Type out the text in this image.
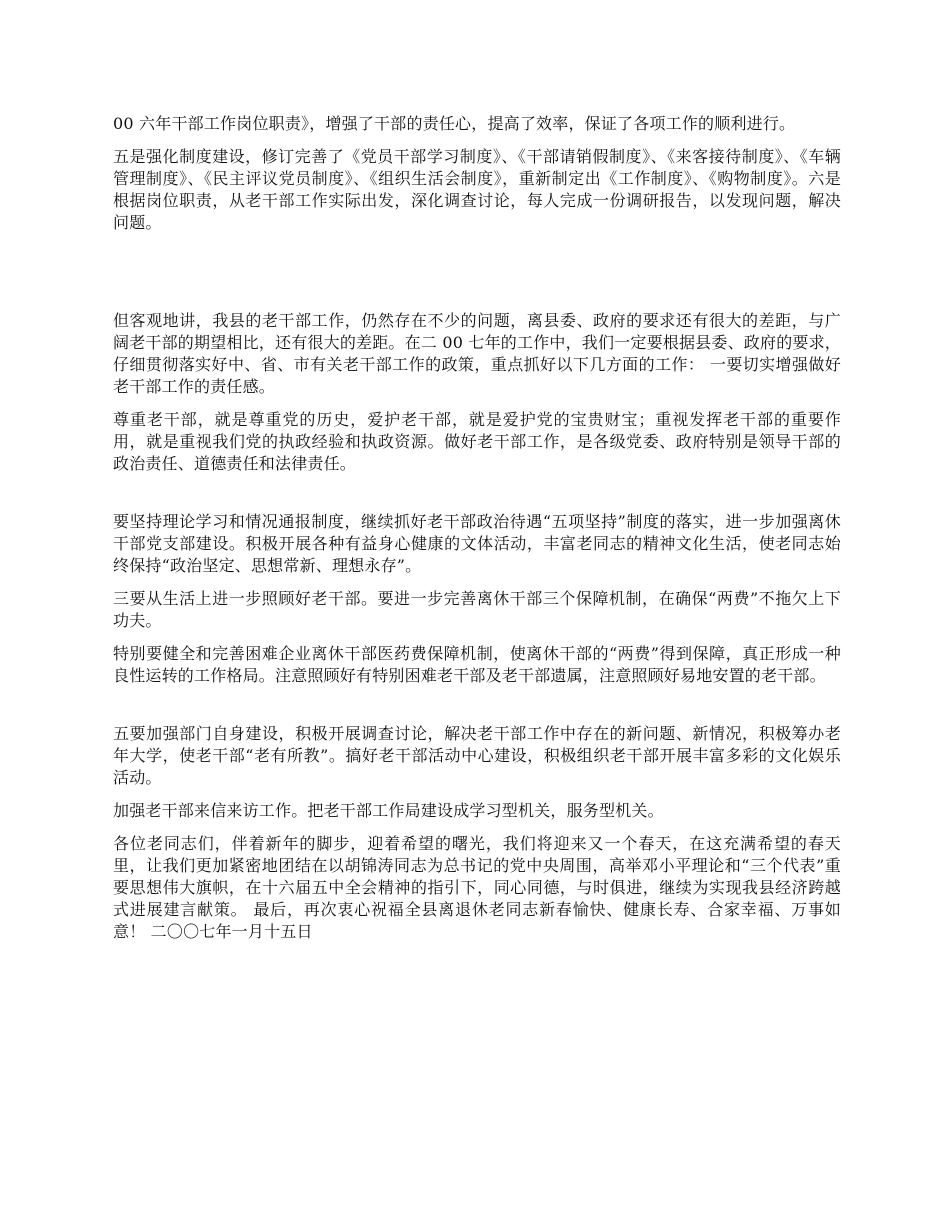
00 六年干部工作岗位职责》，增强了干部的责任心，提高了效率，保证了各项工作的顺利进行。

五是强化制度建设，修订完善了《党员干部学习制度》、《干部请销假制度》、《来客接待制度》、《车辆管理制度》、《民主评议党员制度》、《组织生活会制度》，重新制定出《工作制度》、《购物制度》。六是根据岗位职责，从老干部工作实际出发，深化调查讨论，每人完成一份调研报告，以发现问题，解决问题。

但客观地讲，我县的老干部工作，仍然存在不少的问题，离县委、政府的要求还有很大的差距，与广阔老干部的期望相比，还有很大的差距。在二 00 七年的工作中，我们一定要根据县委、政府的要求，仔细贯彻落实好中、省、市有关老干部工作的政策，重点抓好以下几方面的工作： 一要切实增强做好老干部工作的责任感。

尊重老干部，就是尊重党的历史，爱护老干部，就是爱护党的宝贵财宝；重视发挥老干部的重要作用，就是重视我们党的执政经验和执政资源。做好老干部工作，是各级党委、政府特别是领导干部的政治责任、道德责任和法律责任。

要坚持理论学习和情况通报制度，继续抓好老干部政治待遇“五项坚持”制度的落实，进一步加强离休干部党支部建设。积极开展各种有益身心健康的文体活动，丰富老同志的精神文化生活，使老同志始终保持“政治坚定、思想常新、理想永存”。

三要从生活上进一步照顾好老干部。要进一步完善离休干部三个保障机制，在确保“两费”不拖欠上下功夫。

特别要健全和完善困难企业离休干部医药费保障机制，使离休干部的“两费”得到保障，真正形成一种良性运转的工作格局。注意照顾好有特别困难老干部及老干部遗属，注意照顾好易地安置的老干部。

五要加强部门自身建设，积极开展调查讨论，解决老干部工作中存在的新问题、新情况，积极筹办老年大学，使老干部“老有所教”。搞好老干部活动中心建设，积极组织老干部开展丰富多彩的文化娱乐活动。

加强老干部来信来访工作。把老干部工作局建设成学习型机关，服务型机关。

各位老同志们，伴着新年的脚步，迎着希望的曙光，我们将迎来又一个春天，在这充满希望的春天里，让我们更加紧密地团结在以胡锦涛同志为总书记的党中央周围，高举邓小平理论和“三个代表”重要思想伟大旗帜，在十六届五中全会精神的指引下，同心同德，与时俱进，继续为实现我县经济跨越式进展建言献策。 最后，再次衷心祝福全县离退休老同志新春愉快、健康长寿、合家幸福、万事如意！ 二〇〇七年一月十五日
